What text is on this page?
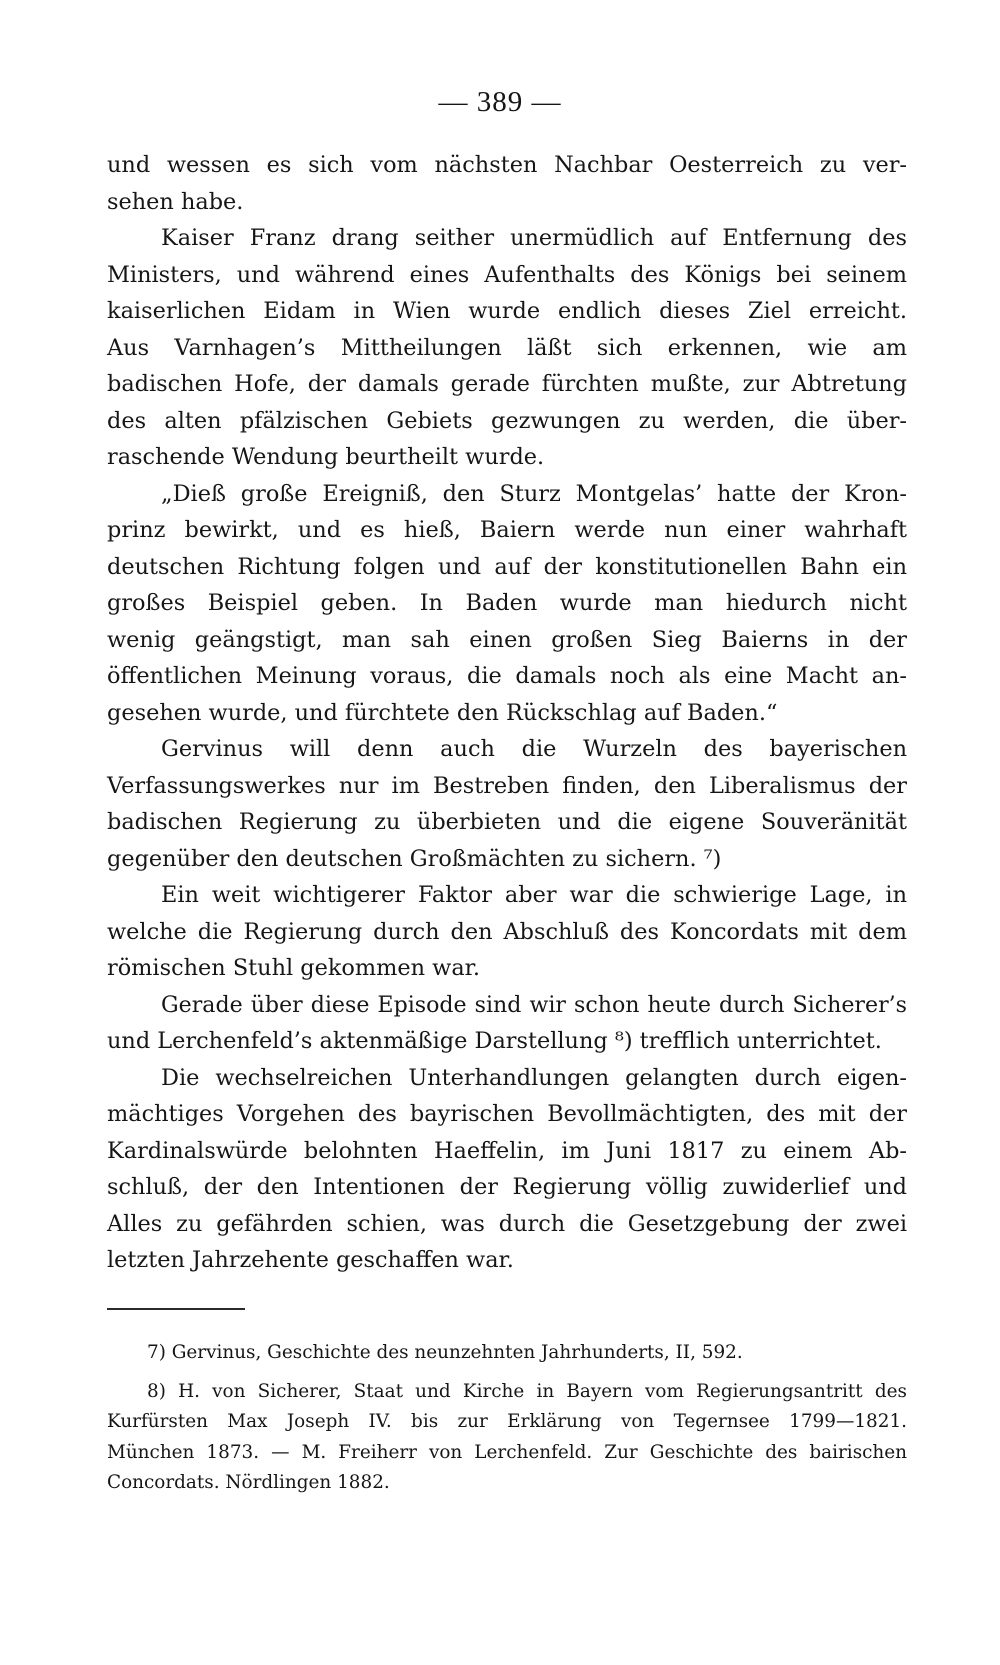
— 389 —
und wessen es sich vom nächsten Nachbar Oesterreich zu ver-
sehen habe.
Kaiser Franz drang seither unermüdlich auf Entfernung des
Ministers, und während eines Aufenthalts des Königs bei seinem
kaiserlichen Eidam in Wien wurde endlich dieses Ziel erreicht.
Aus Varnhagen’s Mittheilungen läßt sich erkennen, wie am
badischen Hofe, der damals gerade fürchten mußte, zur Abtretung
des alten pfälzischen Gebiets gezwungen zu werden, die über-
raschende Wendung beurtheilt wurde.
„Dieß große Ereigniß, den Sturz Montgelas’ hatte der Kron-
prinz bewirkt, und es hieß, Baiern werde nun einer wahrhaft
deutschen Richtung folgen und auf der konstitutionellen Bahn ein
großes Beispiel geben. In Baden wurde man hiedurch nicht
wenig geängstigt, man sah einen großen Sieg Baierns in der
öffentlichen Meinung voraus, die damals noch als eine Macht an-
gesehen wurde, und fürchtete den Rückschlag auf Baden.“
Gervinus will denn auch die Wurzeln des bayerischen
Verfassungswerkes nur im Bestreben finden, den Liberalismus der
badischen Regierung zu überbieten und die eigene Souveränität
gegenüber den deutschen Großmächten zu sichern. ⁷)
Ein weit wichtigerer Faktor aber war die schwierige Lage, in
welche die Regierung durch den Abschluß des Koncordats mit dem
römischen Stuhl gekommen war.
Gerade über diese Episode sind wir schon heute durch Sicherer’s
und Lerchenfeld’s aktenmäßige Darstellung ⁸) trefflich unterrichtet.
Die wechselreichen Unterhandlungen gelangten durch eigen-
mächtiges Vorgehen des bayrischen Bevollmächtigten, des mit der
Kardinalswürde belohnten Haeffelin, im Juni 1817 zu einem Ab-
schluß, der den Intentionen der Regierung völlig zuwiderlief und
Alles zu gefährden schien, was durch die Gesetzgebung der zwei
letzten Jahrzehente geschaffen war.
7) Gervinus, Geschichte des neunzehnten Jahrhunderts, II, 592.
8) H. von Sicherer, Staat und Kirche in Bayern vom Regierungsantritt des
Kurfürsten Max Joseph IV. bis zur Erklärung von Tegernsee 1799—1821.
München 1873. — M. Freiherr von Lerchenfeld. Zur Geschichte des bairischen
Concordats. Nördlingen 1882.
